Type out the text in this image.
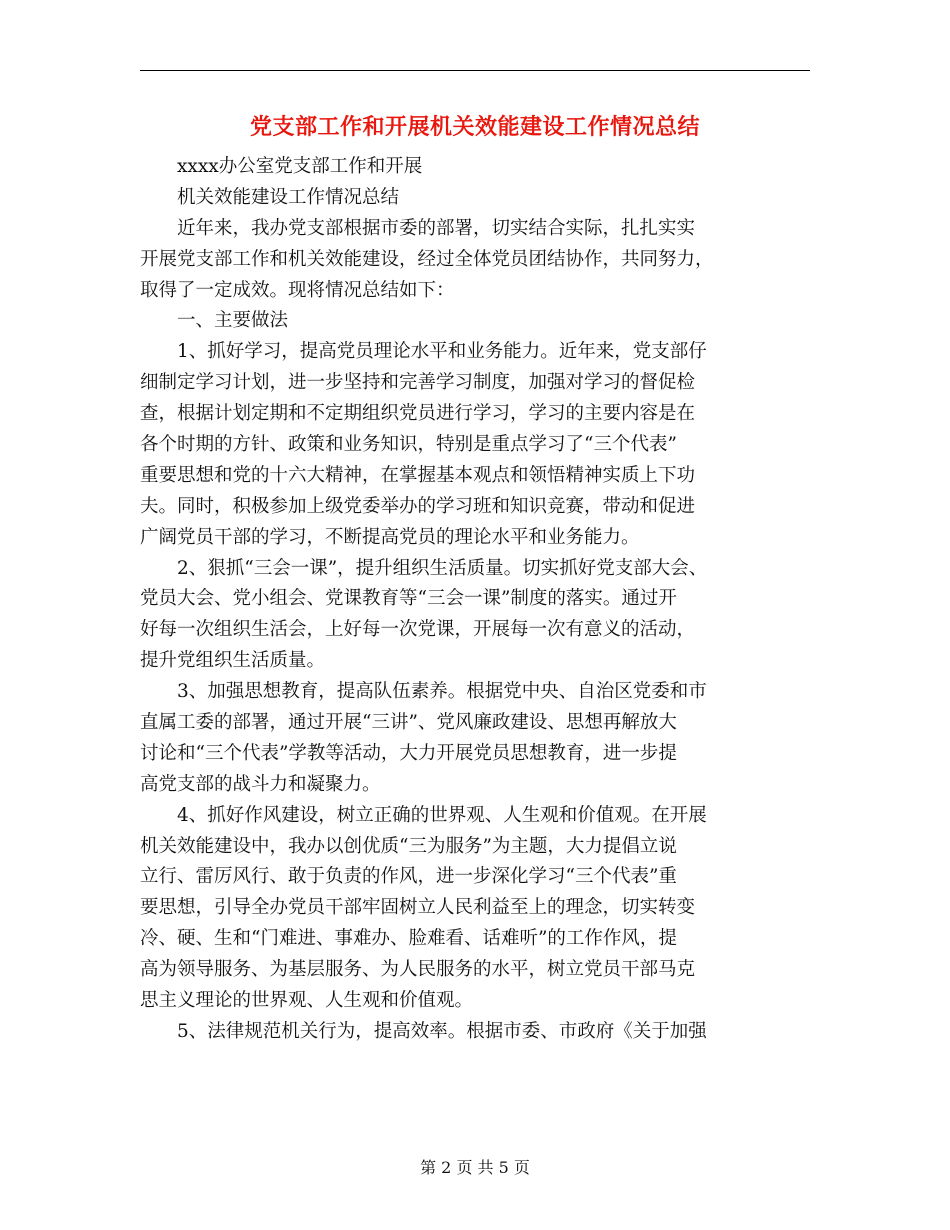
党支部工作和开展机关效能建设工作情况总结
xxxx办公室党支部工作和开展
机关效能建设工作情况总结
近年来，我办党支部根据市委的部署，切实结合实际，扎扎实实
开展党支部工作和机关效能建设，经过全体党员团结协作，共同努力，
取得了一定成效。现将情况总结如下：
一、主要做法
1、抓好学习，提高党员理论水平和业务能力。近年来，党支部仔
细制定学习计划，进一步坚持和完善学习制度，加强对学习的督促检
查，根据计划定期和不定期组织党员进行学习，学习的主要内容是在
各个时期的方针、政策和业务知识，特别是重点学习了“三个代表”
重要思想和党的十六大精神，在掌握基本观点和领悟精神实质上下功
夫。同时，积极参加上级党委举办的学习班和知识竞赛，带动和促进
广阔党员干部的学习，不断提高党员的理论水平和业务能力。
2、狠抓“三会一课”，提升组织生活质量。切实抓好党支部大会、
党员大会、党小组会、党课教育等“三会一课”制度的落实。通过开
好每一次组织生活会，上好每一次党课，开展每一次有意义的活动，
提升党组织生活质量。
3、加强思想教育，提高队伍素养。根据党中央、自治区党委和市
直属工委的部署，通过开展“三讲”、党风廉政建设、思想再解放大
讨论和“三个代表”学教等活动，大力开展党员思想教育，进一步提
高党支部的战斗力和凝聚力。
4、抓好作风建设，树立正确的世界观、人生观和价值观。在开展
机关效能建设中，我办以创优质“三为服务”为主题，大力提倡立说
立行、雷厉风行、敢于负责的作风，进一步深化学习“三个代表”重
要思想，引导全办党员干部牢固树立人民利益至上的理念，切实转变
冷、硬、生和“门难进、事难办、脸难看、话难听”的工作作风，提
高为领导服务、为基层服务、为人民服务的水平，树立党员干部马克
思主义理论的世界观、人生观和价值观。
5、法律规范机关行为，提高效率。根据市委、市政府《关于加强
第 2 页 共 5 页
